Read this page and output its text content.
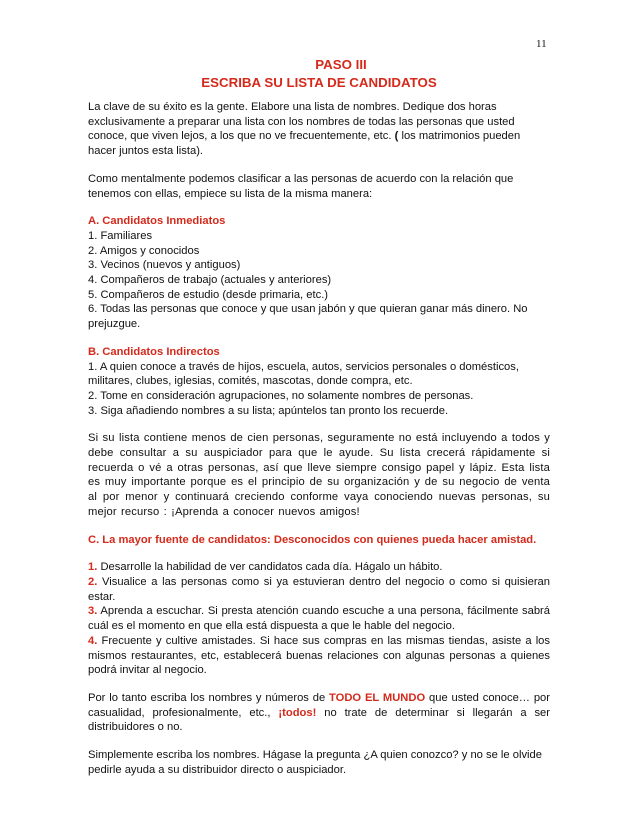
11
PASO III
ESCRIBA SU LISTA DE CANDIDATOS

La clave de su éxito es la gente. Elabore una lista de nombres. Dedique dos horas exclusivamente a preparar una lista con los nombres de todas las personas que usted conoce, que viven lejos, a los que no ve frecuentemente, etc. ( los matrimonios pueden hacer juntos esta lista).

Como mentalmente podemos clasificar a las personas de acuerdo con la relación que tenemos con ellas, empiece su lista de la misma manera:

A. Candidatos Inmediatos
1. Familiares
2. Amigos y conocidos
3. Vecinos (nuevos y antiguos)
4. Compañeros de trabajo (actuales y anteriores)
5. Compañeros de estudio (desde primaria, etc.)
6. Todas las personas que conoce y que usan jabón y que quieran ganar más dinero. No prejuzgue.
B. Candidatos Indirectos
1. A quien conoce a través de hijos, escuela, autos, servicios personales o domésticos, militares, clubes, iglesias, comités, mascotas, donde compra, etc.
2. Tome en consideración agrupaciones, no solamente nombres de personas.
3. Siga añadiendo nombres a su lista; apúntelos tan pronto los recuerde.

Si su lista contiene menos de cien personas, seguramente no está incluyendo a todos y debe consultar a su auspiciador para que le ayude. Su lista crecerá rápidamente si recuerda o vé a otras personas, así que lleve siempre consigo papel y lápiz. Esta lista es muy importante porque es el principio de su organización y de su negocio de venta al por menor y continuará creciendo conforme vaya conociendo nuevas personas, su mejor recurso : ¡Aprenda a conocer nuevos amigos!

C. La mayor fuente de candidatos: Desconocidos con quienes pueda hacer amistad.

1. Desarrolle la habilidad de ver candidatos cada día. Hágalo un hábito.
2. Visualice a las personas como si ya estuvieran dentro del negocio o como si quisieran estar.
3. Aprenda a escuchar. Si presta atención cuando escuche a una persona, fácilmente sabrá cuál es el momento en que ella está dispuesta a que le hable del negocio.
4. Frecuente y cultive amistades. Si hace sus compras en las mismas tiendas, asiste a los mismos restaurantes, etc, establecerá buenas relaciones con algunas personas a quienes podrá invitar al negocio.

Por lo tanto escriba los nombres y números de TODO EL MUNDO que usted conoce… por casualidad, profesionalmente, etc., ¡todos! no trate de determinar si llegarán a ser distribuidores o no.

Simplemente escriba los nombres. Hágase la pregunta ¿A quien conozco? y no se le olvide pedirle ayuda a su distribuidor directo o auspiciador.
